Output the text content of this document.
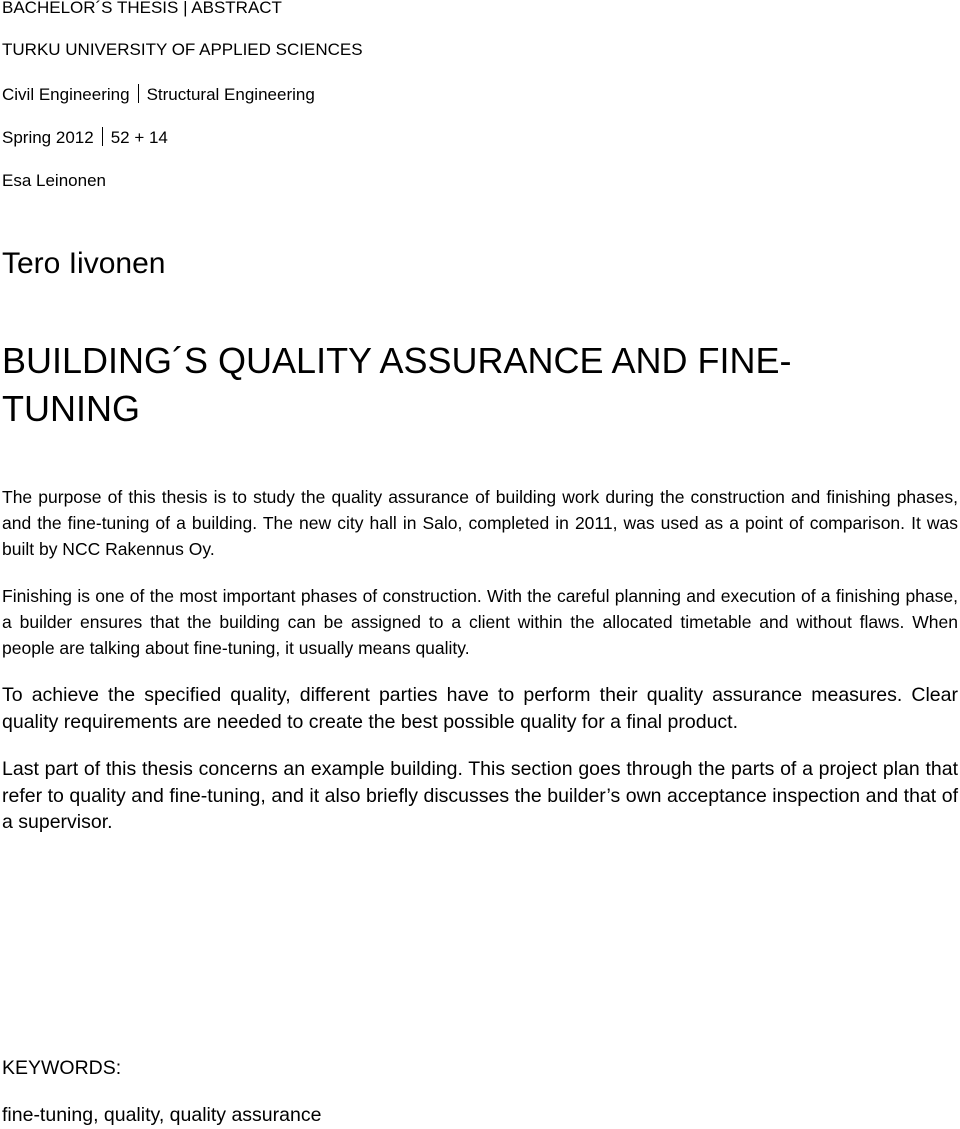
BACHELOR´S THESIS | ABSTRACT
TURKU UNIVERSITY OF APPLIED SCIENCES
Civil Engineering Structural Engineering
Spring 2012 52 + 14
Esa Leinonen
Tero Iivonen
BUILDING´S QUALITY ASSURANCE AND FINE-
TUNING

The purpose of this thesis is to study the quality assurance of building work during the construction and finishing phases, and the fine-tuning of a building. The new city hall in Salo, completed in 2011, was used as a point of comparison. It was built by NCC Rakennus Oy.

Finishing is one of the most important phases of construction. With the careful planning and execution of a finishing phase, a builder ensures that the building can be assigned to a client within the allocated timetable and without flaws. When people are talking about fine-tuning, it usually means quality.

To achieve the specified quality, different parties have to perform their quality assurance measures. Clear quality requirements are needed to create the best possible quality for a final product.

Last part of this thesis concerns an example building. This section goes through the parts of a project plan that refer to quality and fine-tuning, and it also briefly discusses the builder’s own acceptance inspection and that of a supervisor.

KEYWORDS:
fine-tuning, quality, quality assurance
